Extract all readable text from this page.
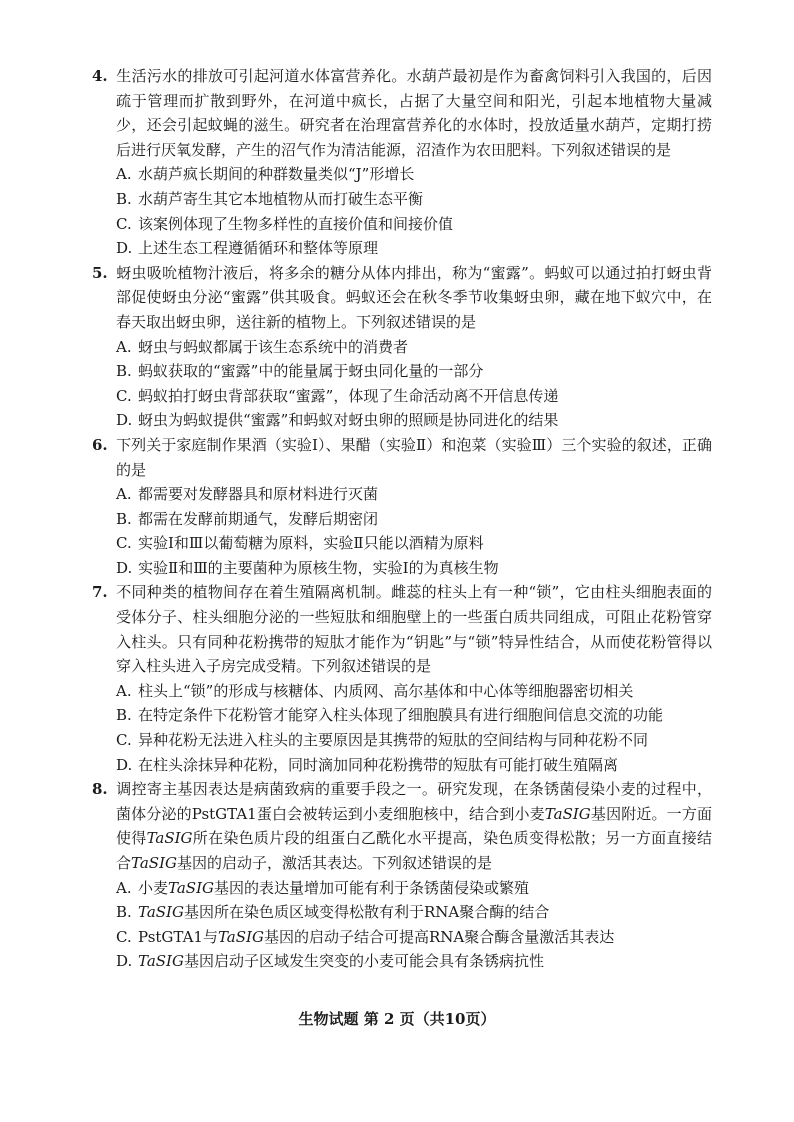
4. 生活污水的排放可引起河道水体富营养化。水葫芦最初是作为畜禽饲料引入我国的，后因疏于管理而扩散到野外，在河道中疯长，占据了大量空间和阳光，引起本地植物大量减少，还会引起蚊蝇的滋生。研究者在治理富营养化的水体时，投放适量水葫芦，定期打捞后进行厌氧发酵，产生的沼气作为清洁能源，沼渣作为农田肥料。下列叙述错误的是

A. 水葫芦疯长期间的种群数量类似“J”形增长

B. 水葫芦寄生其它本地植物从而打破生态平衡

C. 该案例体现了生物多样性的直接价值和间接价值

D. 上述生态工程遵循循环和整体等原理

5. 蚜虫吸吮植物汁液后，将多余的糖分从体内排出，称为“蜜露”。蚂蚁可以通过拍打蚜虫背部促使蚜虫分泌“蜜露”供其吸食。蚂蚁还会在秋冬季节收集蚜虫卵，藏在地下蚁穴中，在春天取出蚜虫卵，送往新的植物上。下列叙述错误的是

A. 蚜虫与蚂蚁都属于该生态系统中的消费者

B. 蚂蚁获取的“蜜露”中的能量属于蚜虫同化量的一部分

C. 蚂蚁拍打蚜虫背部获取“蜜露”，体现了生命活动离不开信息传递

D. 蚜虫为蚂蚁提供“蜜露”和蚂蚁对蚜虫卵的照顾是协同进化的结果

6. 下列关于家庭制作果酒（实验Ⅰ）、果醋（实验Ⅱ）和泡菜（实验Ⅲ）三个实验的叙述，正确的是

A. 都需要对发酵器具和原材料进行灭菌

B. 都需在发酵前期通气，发酵后期密闭

C. 实验Ⅰ和Ⅲ以葡萄糖为原料，实验Ⅱ只能以酒精为原料

D. 实验Ⅱ和Ⅲ的主要菌种为原核生物，实验Ⅰ的为真核生物

7. 不同种类的植物间存在着生殖隔离机制。雌蕊的柱头上有一种“锁”，它由柱头细胞表面的受体分子、柱头细胞分泌的一些短肽和细胞壁上的一些蛋白质共同组成，可阻止花粉管穿入柱头。只有同种花粉携带的短肽才能作为“钥匙”与“锁”特异性结合，从而使花粉管得以穿入柱头进入子房完成受精。下列叙述错误的是

A. 柱头上“锁”的形成与核糖体、内质网、高尔基体和中心体等细胞器密切相关

B. 在特定条件下花粉管才能穿入柱头体现了细胞膜具有进行细胞间信息交流的功能

C. 异种花粉无法进入柱头的主要原因是其携带的短肽的空间结构与同种花粉不同

D. 在柱头涂抹异种花粉，同时滴加同种花粉携带的短肽有可能打破生殖隔离

8. 调控寄主基因表达是病菌致病的重要手段之一。研究发现，在条锈菌侵染小麦的过程中，菌体分泌的PstGTA1蛋白会被转运到小麦细胞核中，结合到小麦TaSIG基因附近。一方面使得TaSIG所在染色质片段的组蛋白乙酰化水平提高，染色质变得松散；另一方面直接结合TaSIG基因的启动子，激活其表达。下列叙述错误的是

A. 小麦TaSIG基因的表达量增加可能有利于条锈菌侵染或繁殖

B. TaSIG基因所在染色质区域变得松散有利于RNA聚合酶的结合

C. PstGTA1与TaSIG基因的启动子结合可提高RNA聚合酶含量激活其表达

D. TaSIG基因启动子区域发生突变的小麦可能会具有条锈病抗性

生物试题 第 2 页（共10页）
